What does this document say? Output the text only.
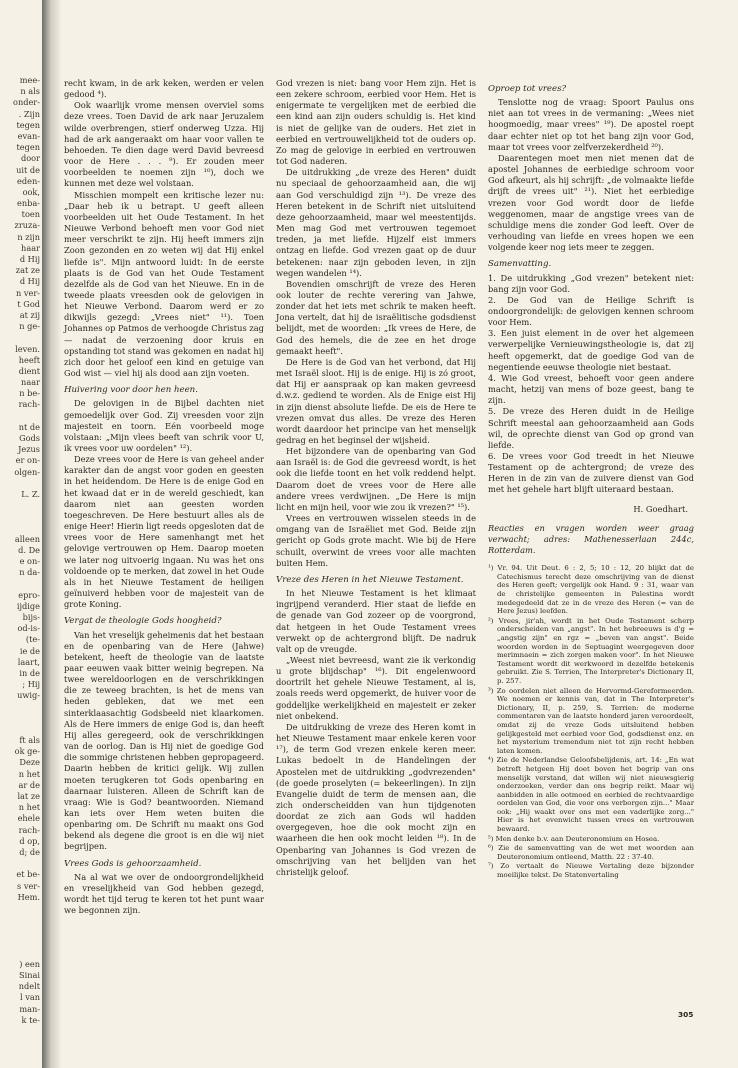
mee-
n als
onder-
. Zijn
tegen
evan-
tegen
door
uit de
eden-
ook,
enba-
toen
zruza-
n zijn
haar
d Hij
zat ze
d Hij
n ver-
t God
at zij
n ge-
leven.
heeft
dient
naar
n be-
rach-
nt de
Gods
Jezus
er on-
olgen-
L. Z.
alleen
d. De
e on-
n da-
epro-
ijdige
bijs-
od-is-
(te-
ie de
laart,
in de
; Hij
uwig-
ft als
ok ge-
Deze
n het
ar de
lat ze
n het
ehele
rach-
d op,
d; de
et be-
s ver-
Hem.
) een
Sinai
ndelt
l van
man-
k te-

recht kwam, in de ark keken, werden er velen gedood ⁴).

Ook waarlijk vrome mensen overviel soms deze vrees. Toen David de ark naar Jeruzalem wilde overbrengen, stierf onderweg Uzza. Hij had de ark aangeraakt om haar voor vallen te behoeden. Te dien dage werd David bevreesd voor de Here . . . ⁹). Er zouden meer voorbeelden te noemen zijn ¹⁰), doch we kunnen met deze wel volstaan.

Misschien mompelt een kritische lezer nu: „Daar heb ik u betrapt. U geeft alleen voorbeelden uit het Oude Testament. In het Nieuwe Verbond behoeft men voor God niet meer verschrikt te zijn. Hij heeft immers zijn Zoon gezonden en zo weten wij dat Hij enkel liefde is". Mijn antwoord luidt: In de eerste plaats is de God van het Oude Testament dezelfde als de God van het Nieuwe. En in de tweede plaats vreesden ook de gelovigen in het Nieuwe Verbond. Daarom werd er zo dikwijls gezegd: „Vrees niet" ¹¹). Toen Johannes op Patmos de verhoogde Christus zag — nadat de verzoening door kruis en opstanding tot stand was gekomen en nadat hij zich door het geloof een kind en getuige van God wist — viel hij als dood aan zijn voeten.

Huivering voor door hen heen.

De gelovigen in de Bijbel dachten niet gemoedelijk over God. Zij vreesden voor zijn majesteit en toorn. Eén voorbeeld moge volstaan: „Mijn vlees beeft van schrik voor U, ik vrees voor uw oordelen" ¹²).

Deze vrees voor de Here is van geheel ander karakter dan de angst voor goden en geesten in het heidendom. De Here is de enige God en het kwaad dat er in de wereld geschiedt, kan daarom niet aan geesten worden toegeschreven. De Here bestuurt alles als de enige Heer! Hierin ligt reeds opgesloten dat de vrees voor de Here samenhangt met het gelovige vertrouwen op Hem. Daarop moeten we later nog uitvoerig ingaan. Nu was het ons voldoende op te merken, dat zowel in het Oude als in het Nieuwe Testament de heiligen geïnuiverd hebben voor de majesteit van de grote Koning.

Vergat de theologie Gods hoogheid?

Van het vreselijk geheimenis dat het bestaan en de openbaring van de Here (Jahwe) betekent, heeft de theologie van de laatste paar eeuwen vaak bitter weinig begrepen. Na twee wereldoorlogen en de verschrikkingen die ze teweeg brachten, is het de mens van heden gebleken, dat we met een sinterklaasachtig Godsbeeld niet klaarkomen. Als de Here immers de enige God is, dan heeft Hij alles geregeerd, ook de verschrikkingen van de oorlog. Dan is Hij niet de goedige God die sommige christenen hebben gepropageerd. Daarin hebben de kritici gelijk. Wij zullen moeten terugkeren tot Gods openbaring en daarnaar luisteren. Alleen de Schrift kan de vraag: Wie is God? beantwoorden. Niemand kan iets over Hem weten buiten die openbaring om. De Schrift nu maakt ons God bekend als degene die groot is en die wij niet begrijpen.

Vrees Gods is gehoorzaamheid.

Na al wat we over de ondoorgrondelijkheid en vreselijkheid van God hebben gezegd, wordt het tijd terug te keren tot het punt waar we begonnen zijn.

God vrezen is niet: bang voor Hem zijn. Het is een zekere schroom, eerbied voor Hem. Het is enigermate te vergelijken met de eerbied die een kind aan zijn ouders schuldig is. Het kind is niet de gelijke van de ouders. Het ziet in eerbied en vertrouwelijkheid tot de ouders op. Zo mag de gelovige in eerbied en vertrouwen tot God naderen.

De uitdrukking „de vreze des Heren" duidt nu speciaal de gehoorzaamheid aan, die wij aan God verschuldigd zijn ¹³). De vreze des Heren betekent in de Schrift niet uitsluitend deze gehoorzaamheid, maar wel meestentijds. Men mag God met vertrouwen tegemoet treden, ja met liefde. Hijzelf eist immers ontzag en liefde. God vrezen gaat op de duur betekenen: naar zijn geboden leven, in zijn wegen wandelen ¹⁴).

Bovendien omschrijft de vreze des Heren ook louter de rechte verering van Jahwe, zonder dat het iets met schrik te maken heeft. Jona vertelt, dat hij de israëlitische godsdienst belijdt, met de woorden: „Ik vrees de Here, de God des hemels, die de zee en het droge gemaakt heeft".

De Here is de God van het verbond, dat Hij met Israël sloot. Hij is de enige. Hij is zó groot, dat Hij er aanspraak op kan maken gevreesd d.w.z. gediend te worden. Als de Enige eist Hij in zijn dienst absolute liefde. De eis de Here te vrezen omvat dus alles. De vreze des Heren wordt daardoor het principe van het menselijk gedrag en het beginsel der wijsheid.

Het bijzondere van de openbaring van God aan Israël is: de God die gevreesd wordt, is het ook die liefde toont en het volk reddend helpt. Daarom doet de vrees voor de Here alle andere vrees verdwijnen. „De Here is mijn licht en mijn heil, voor wie zou ik vrezen?" ¹⁵).

Vrees en vertrouwen wisselen steeds in de omgang van de Israëliet met God. Beide zijn gericht op Gods grote macht. Wie bij de Here schuilt, overwint de vrees voor alle machten buiten Hem.

Vreze des Heren in het Nieuwe Testament.

In het Nieuwe Testament is het klimaat ingrijpend veranderd. Hier staat de liefde en de genade van God zozeer op de voorgrond, dat hetgeen in het Oude Testament vrees verwekt op de achtergrond blijft. De nadruk valt op de vreugde.

„Weest niet bevreesd, want zie ik verkondig u grote blijdschap" ¹⁶). Dit engelenwoord doortrilt het gehele Nieuwe Testament, al is, zoals reeds werd opgemerkt, de huiver voor de goddelijke werkelijkheid en majesteit er zeker niet onbekend.

De uitdrukking de vreze des Heren komt in het Nieuwe Testament maar enkele keren voor ¹⁷), de term God vrezen enkele keren meer. Lukas bedoelt in de Handelingen der Apostelen met de uitdrukking „godvrezenden" (de goede proselyten (= bekeerlingen). In zijn Evangelie duidt de term de mensen aan, die zich onderscheidden van hun tijdgenoten doordat ze zich aan Gods wil hadden overgegeven, hoe die ook mocht zijn en waarheen die hen ook mocht leiden ¹⁸). In de Openbaring van Johannes is God vrezen de omschrijving van het belijden van het christelijk geloof.

Oproep tot vrees?

Tenslotte nog de vraag: Spoort Paulus ons niet aan tot vrees in de vermaning: „Wees niet hoogmoedig, maar vrees" ¹⁹). De apostel roept daar echter niet op tot het bang zijn voor God, maar tot vrees voor zelfverzekerdheid ²⁰).

Daarentegen moet men niet menen dat de apostel Johannes de eerbiedige schroom voor God afkeurt, als hij schrijft: „de volmaakte liefde drijft de vrees uit" ²¹). Niet het eerbiedige vrezen voor God wordt door de liefde weggenomen, maar de angstige vrees van de schuldige mens die zonder God leeft. Over de verhouding van liefde en vrees hopen we een volgende keer nog iets meer te zeggen.

Samenvatting.
1. De uitdrukking „God vrezen" betekent niet: bang zijn voor God.
2. De God van de Heilige Schrift is ondoorgrondelijk: de gelovigen kennen schroom voor Hem.
3. Een juist element in de over het algemeen verwerpelijke Vernieuwingstheologie is, dat zij heeft opgemerkt, dat de goedige God van de negentiende eeuwse theologie niet bestaat.
4. Wie God vreest, behoeft voor geen andere macht, hetzij van mens of boze geest, bang te zijn.
5. De vreze des Heren duidt in de Heilige Schrift meestal aan gehoorzaamheid aan Gods wil, de oprechte dienst van God op grond van liefde.
6. De vrees voor God treedt in het Nieuwe Testament op de achtergrond; de vreze des Heren in de zin van de zuivere dienst van God met het gehele hart blijft uiteraard bestaan.
H. Goedhart.

Reacties en vragen worden weer graag verwacht; adres: Mathenesserlaan 244c, Rotterdam.

¹) Vr. 94. Uit Deut. 6 : 2, 5; 10 : 12, 20 blijkt dat de Catechismus terecht deze omschrijving van de dienst des Heren geeft; vergelijk ook Hand. 9 : 31, waar van de christelijke gemeenten in Palestina wordt medegedeeld dat ze in de vreze des Heren (= van de Here Jezus) leefden.
²) Vrees, jir'ah, wordt in het Oude Testament scherp onderscheiden van „angst". In het hebreeuws is d'g = „angstig zijn" en rgz = „beven van angst". Beide woorden worden in de Septuagint weergegeven door merimnaein = zich zorgen maken voor". In het Nieuwe Testament wordt dit werkwoord in dezelfde betekenis gebruikt. Zie S. Terrien, The Interpreter's Dictionary II, p. 257.
³) Zo oordelen niet alleen de Hervormd-Gereformeerden. We noemen er kennis van, dat in The Interpreter's Dictionary, II, p. 259, S. Terrien: de moderne commentaren van de laatste honderd jaren veroordeelt, omdat zij de vreze Gods uitsluitend hebben gelijkgesteld met eerbied voor God, godsdienst enz. en het mysterium tremendum niet tot zijn recht hebben laten komen.
⁴) Zie de Nederlandse Geloofsbelijdenis, art. 14: „En wat betreft hetgeen Hij doet boven het begrip van ons menselijk verstand, dat willen wij niet nieuwsgierig onderzoeken, verder dan ons begrip reikt. Maar wij aanbidden in alle ootmoed en eerbied de rechtvaardige oordelen van God, die voor ons verborgen zijn..." Maar ook: „Hij waakt over ons met een vaderlijke zorg..." Hier is het evenwicht tussen vrees en vertrouwen bewaard.
⁵) Men denke b.v. aan Deuteronomium en Hosea.
⁶) Zie de samenvatting van de wet met woorden aan Deuteronomium ontleend, Matth. 22 : 37-40.
⁷) Zo vertaalt de Nieuwe Vertaling deze bijzonder moeilijke tekst. De Statenvertaling
305
